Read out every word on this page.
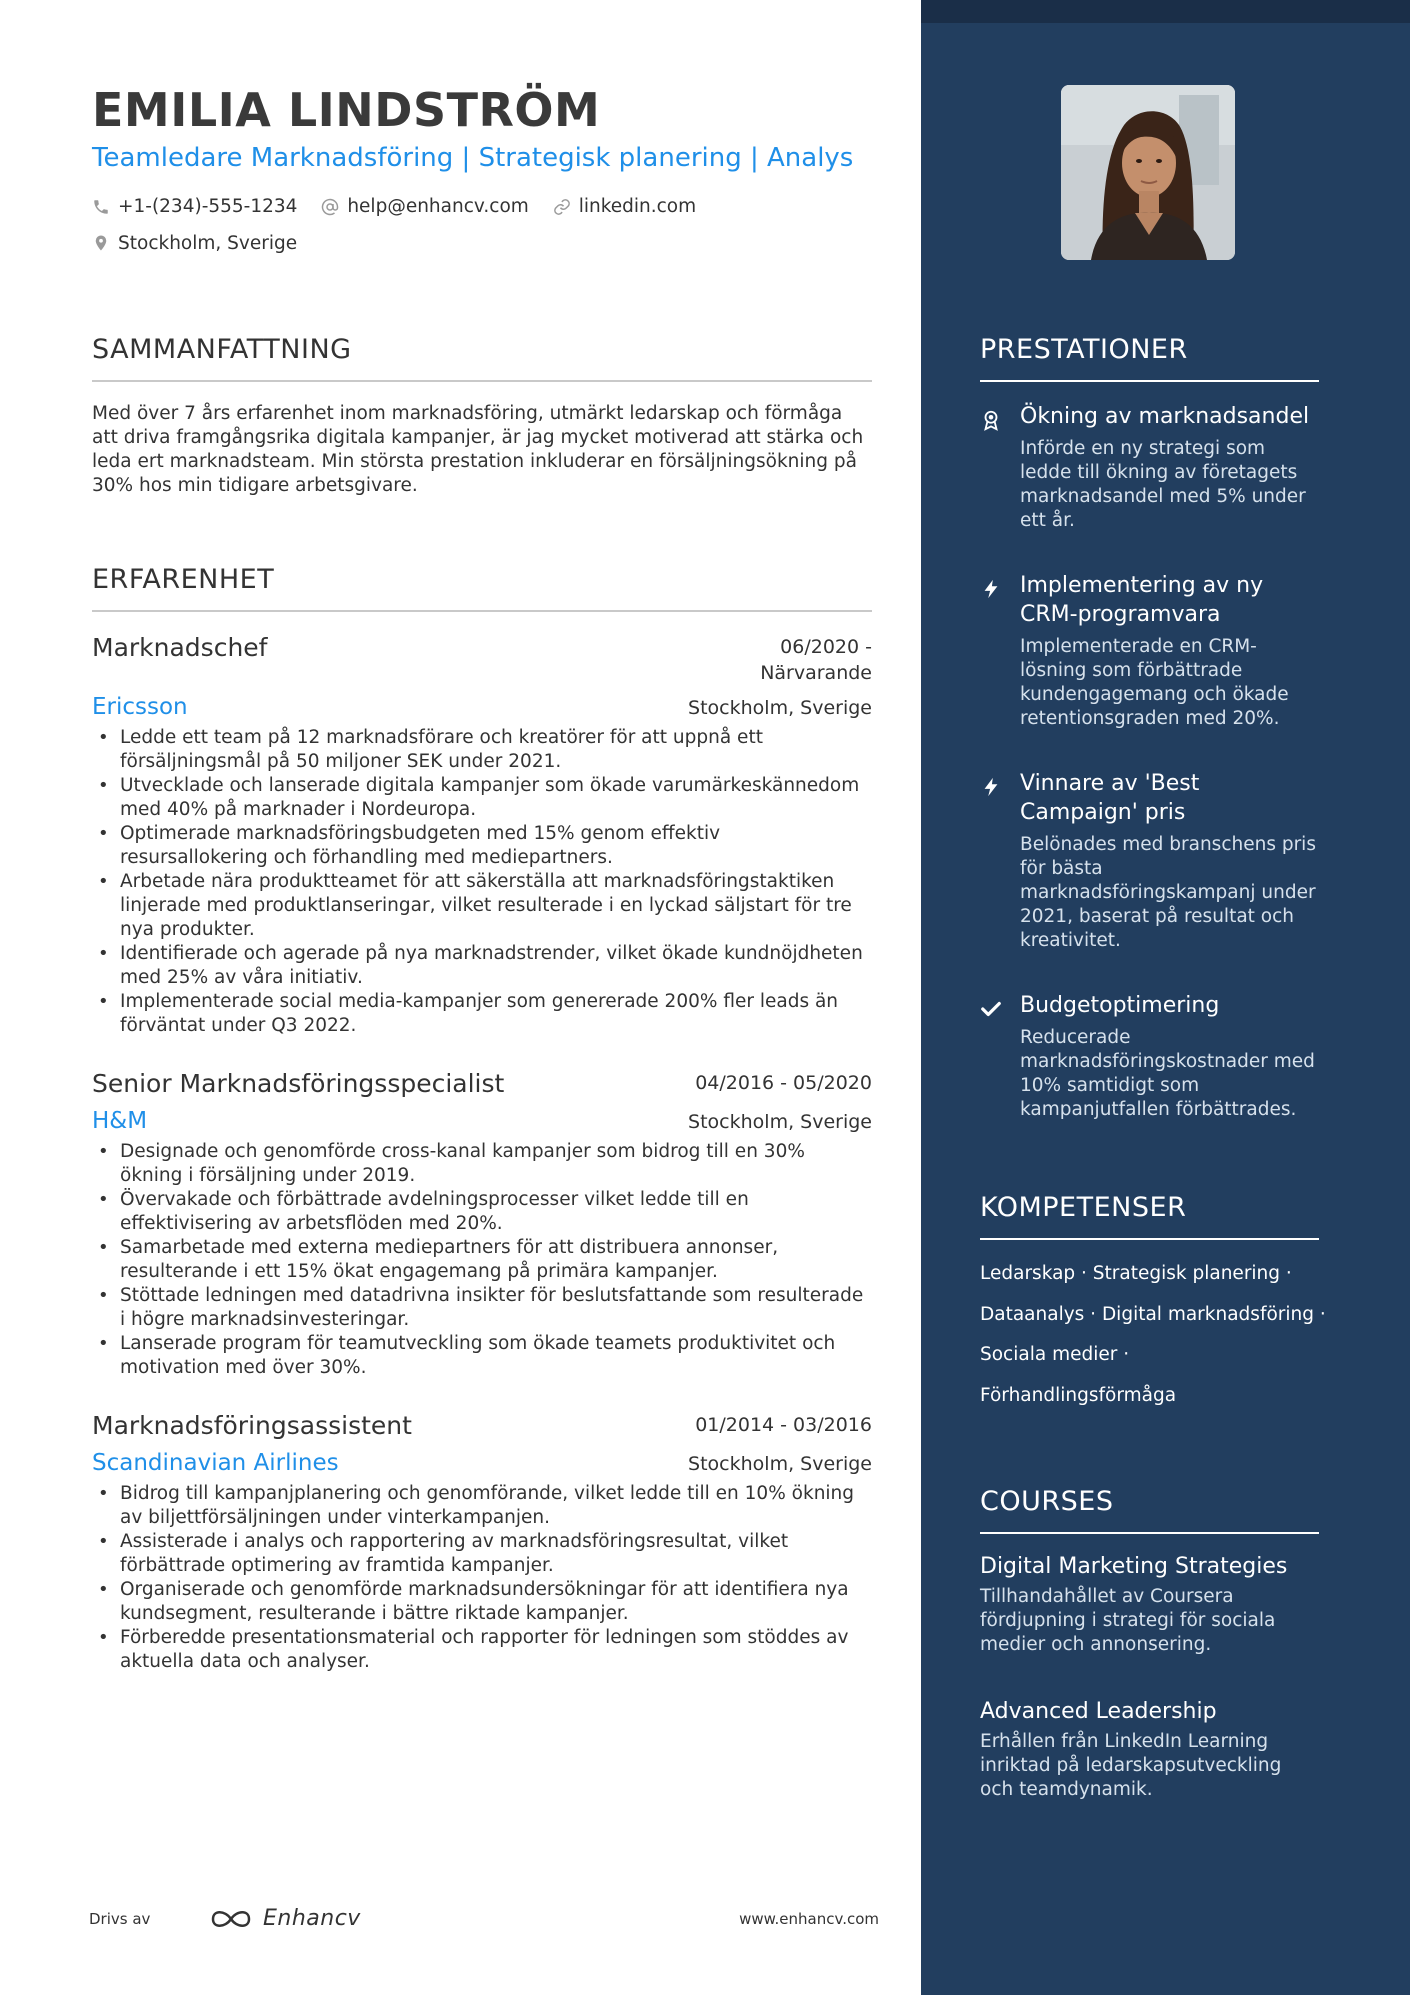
EMILIA LINDSTRÖM
Teamledare Marknadsföring | Strategisk planering | Analys
+1-(234)-555-1234
	help@enhancv.com
	linkedin.com
Stockholm, Sverige
SAMMANFATTNING

Med över 7 års erfarenhet inom marknadsföring, utmärkt ledarskap och förmåga att driva framgångsrika digitala kampanjer, är jag mycket motiverad att stärka och leda ert marknadsteam. Min största prestation inkluderar en försäljningsökning på 30% hos min tidigare arbetsgivare.

ERFARENHET
Marknadschef	06/2020 - Närvarande
Ericsson	Stockholm, Sverige
• Ledde ett team på 12 marknadsförare och kreatörer för att uppnå ett försäljningsmål på 50 miljoner SEK under 2021.
• Utvecklade och lanserade digitala kampanjer som ökade varumärkeskännedom med 40% på marknader i Nordeuropa.
• Optimerade marknadsföringsbudgeten med 15% genom effektiv resursallokering och förhandling med mediepartners.
• Arbetade nära produktteamet för att säkerställa att marknadsföringstaktiken linjerade med produktlanseringar, vilket resulterade i en lyckad säljstart för tre nya produkter.
• Identifierade och agerade på nya marknadstrender, vilket ökade kundnöjdheten med 25% av våra initiativ.
• Implementerade social media-kampanjer som genererade 200% fler leads än förväntat under Q3 2022.
Senior Marknadsföringsspecialist	04/2016 - 05/2020
H&M	Stockholm, Sverige
• Designade och genomförde cross-kanal kampanjer som bidrog till en 30% ökning i försäljning under 2019.
• Övervakade och förbättrade avdelningsprocesser vilket ledde till en effektivisering av arbetsflöden med 20%.
• Samarbetade med externa mediepartners för att distribuera annonser, resulterande i ett 15% ökat engagemang på primära kampanjer.
• Stöttade ledningen med datadrivna insikter för beslutsfattande som resulterade i högre marknadsinvesteringar.
• Lanserade program för teamutveckling som ökade teamets produktivitet och motivation med över 30%.
Marknadsföringsassistent	01/2014 - 03/2016
Scandinavian Airlines	Stockholm, Sverige
• Bidrog till kampanjplanering och genomförande, vilket ledde till en 10% ökning av biljettförsäljningen under vinterkampanjen.
• Assisterade i analys och rapportering av marknadsföringsresultat, vilket förbättrade optimering av framtida kampanjer.
• Organiserade och genomförde marknadsundersökningar för att identifiera nya kundsegment, resulterande i bättre riktade kampanjer.
• Förberedde presentationsmaterial och rapporter för ledningen som stöddes av aktuella data och analyser.
PRESTATIONER
Ökning av marknadsandel
Införde en ny strategi som ledde till ökning av företagets marknadsandel med 5% under ett år.
Implementering av ny CRM-programvara
Implementerade en CRM-lösning som förbättrade kundengagemang och ökade retentionsgraden med 20%.
Vinnare av 'Best Campaign' pris
Belönades med branschens pris för bästa marknadsföringskampanj under 2021, baserat på resultat och kreativitet.
Budgetoptimering
Reducerade marknadsföringskostnader med 10% samtidigt som kampanjutfallen förbättrades.
KOMPETENSER
Ledarskap · Strategisk planering ·
Dataanalys · Digital marknadsföring ·
Sociala medier ·
Förhandlingsförmåga
COURSES
Digital Marketing Strategies
Tillhandahållet av Coursera fördjupning i strategi för sociala medier och annonsering.
Advanced Leadership
Erhållen från LinkedIn Learning inriktad på ledarskapsutveckling och teamdynamik.
Drivs av	Enhancv	www.enhancv.com
